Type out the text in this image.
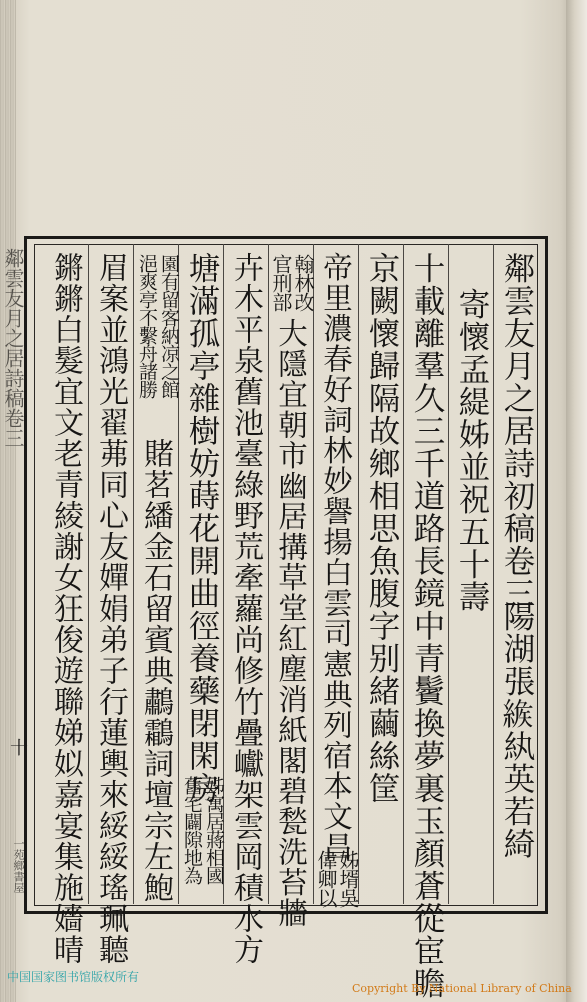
鄰雲友月之居詩稿卷三
十
一苑鄉書屋
鄰雲友月之居詩初稿卷三
陽湖張𦂐紈英若綺
寄懷孟緹姊並祝五十壽
十載離羣久三千道路長鏡中青鬢換夢裏玉顏蒼從宦瞻
京闕懷歸隔故鄉相思魚腹字别緒繭絲筐
帝里濃春好詞林妙譽揚白雲司憲典列宿本文昌
姊壻吳
偉卿以
翰林改
官刑部
大隱宜朝市幽居搆草堂紅塵消紙閣碧甃洗苔牆
卉木平泉舊池臺綠野荒牽蘿尚修竹疊巘架雲岡積水方
塘滿孤亭雜樹妨蒔花開曲徑養藥閉閑房
姊寓居蔣相國
舊宅闢隙地為
園有留客納凉之館
浥爽亭不繫舟諸勝
賭茗繙金石留賓典鷫鸘詞壇宗左鮑
眉案並鴻光翟茀同心友嬋娟弟子行蓮輿來綏綏瑤珮聽
鏘鏘白髮宜文老青綾謝女狂俊遊聯娣姒嘉宴集施嬙晴
中国国家图书馆版权所有
Copyright By National Library of China
